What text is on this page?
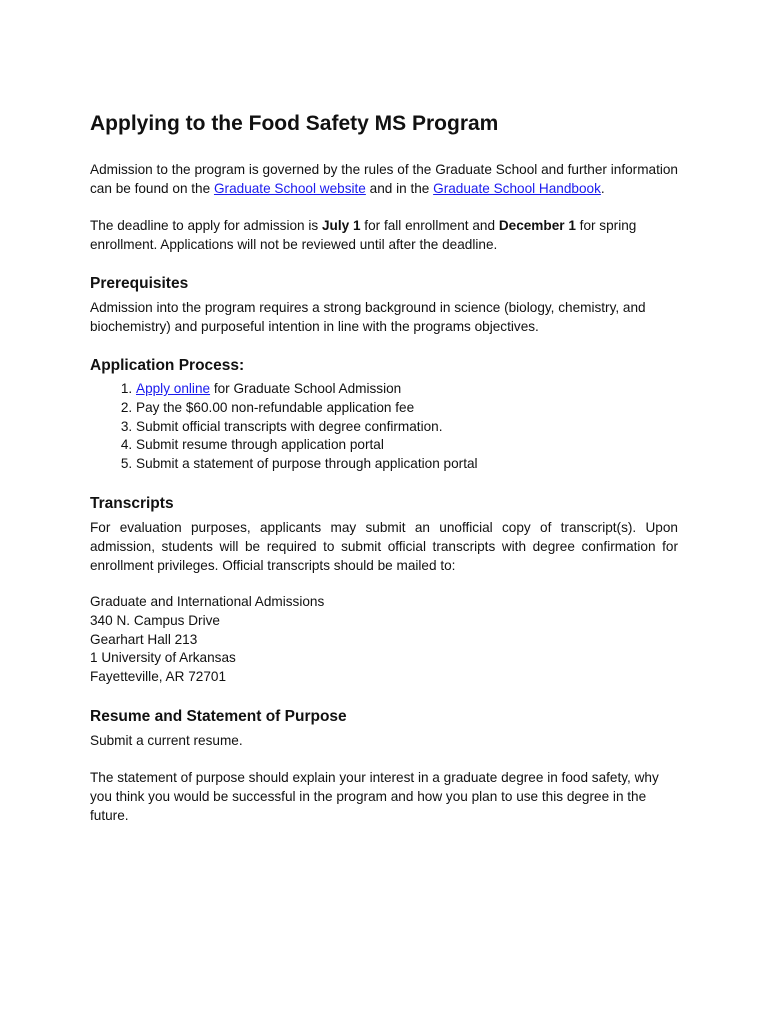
Applying to the Food Safety MS Program

Admission to the program is governed by the rules of the Graduate School and further information can be found on the Graduate School website and in the Graduate School Handbook.

The deadline to apply for admission is July 1 for fall enrollment and December 1 for spring enrollment. Applications will not be reviewed until after the deadline.

Prerequisites

Admission into the program requires a strong background in science (biology, chemistry, and biochemistry) and purposeful intention in line with the programs objectives.

Application Process:
1. Apply online for Graduate School Admission
2. Pay the $60.00 non-refundable application fee
3. Submit official transcripts with degree confirmation.
4. Submit resume through application portal
5. Submit a statement of purpose through application portal
Transcripts

For evaluation purposes, applicants may submit an unofficial copy of transcript(s). Upon admission, students will be required to submit official transcripts with degree confirmation for enrollment privileges. Official transcripts should be mailed to:

Graduate and International Admissions

340 N. Campus Drive

Gearhart Hall 213

1 University of Arkansas

Fayetteville, AR 72701

Resume and Statement of Purpose

Submit a current resume.

The statement of purpose should explain your interest in a graduate degree in food safety, why you think you would be successful in the program and how you plan to use this degree in the future.
